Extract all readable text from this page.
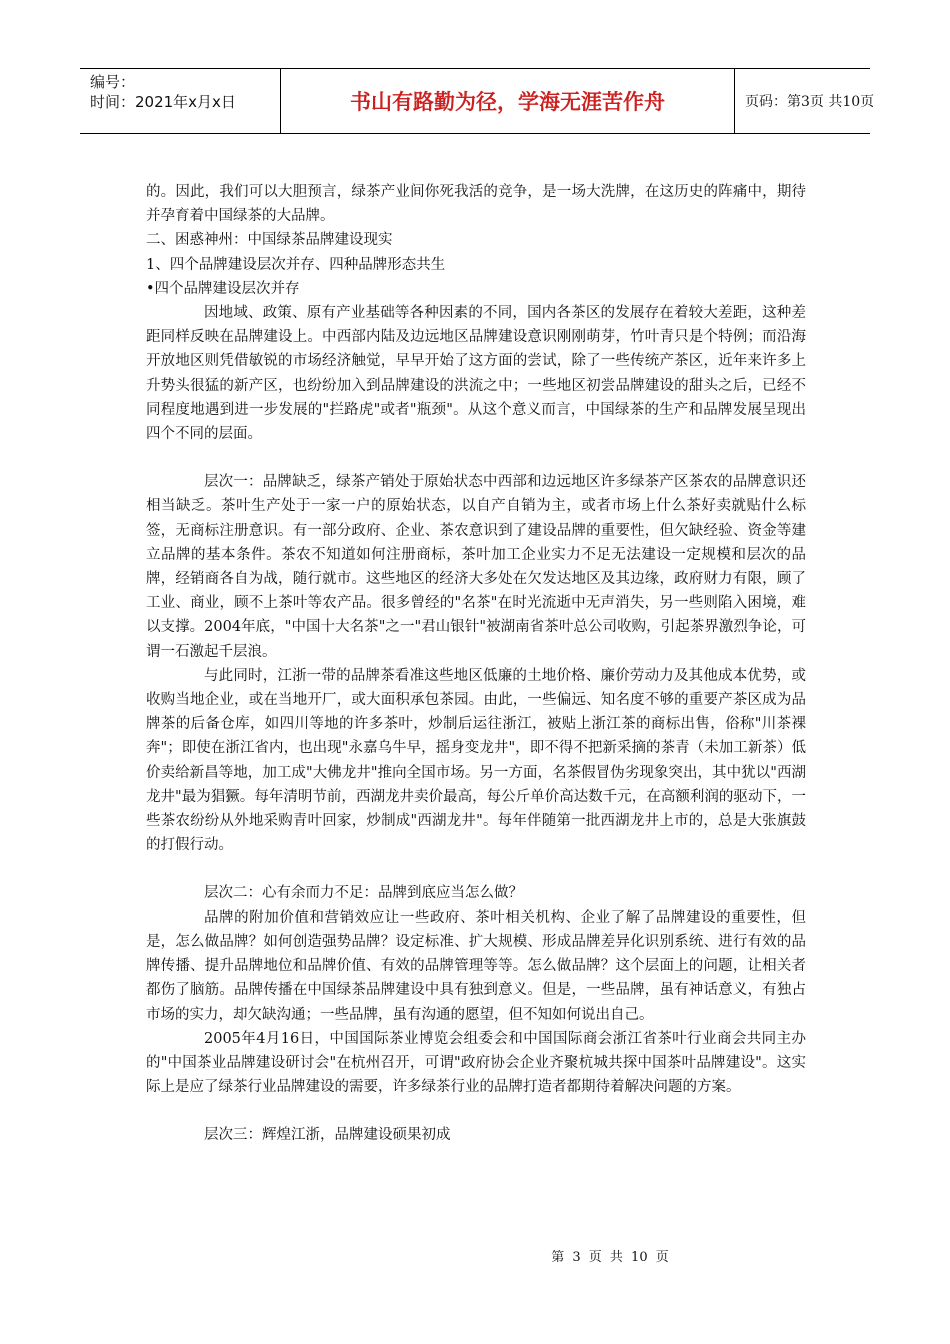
编号：
时间：2021年x月x日	书山有路勤为径，学海无涯苦作舟	页码：第3页 共10页

的。因此，我们可以大胆预言，绿茶产业间你死我活的竞争，是一场大洗牌，在这历史的阵痛中，期待并孕育着中国绿茶的大品牌。

二、困惑神州：中国绿茶品牌建设现实

1、四个品牌建设层次并存、四种品牌形态共生

•四个品牌建设层次并存

因地域、政策、原有产业基础等各种因素的不同，国内各茶区的发展存在着较大差距，这种差距同样反映在品牌建设上。中西部内陆及边远地区品牌建设意识刚刚萌芽，竹叶青只是个特例；而沿海开放地区则凭借敏锐的市场经济触觉，早早开始了这方面的尝试，除了一些传统产茶区，近年来许多上升势头很猛的新产区，也纷纷加入到品牌建设的洪流之中；一些地区初尝品牌建设的甜头之后，已经不同程度地遇到进一步发展的"拦路虎"或者"瓶颈"。从这个意义而言，中国绿茶的生产和品牌发展呈现出四个不同的层面。

层次一：品牌缺乏，绿茶产销处于原始状态中西部和边远地区许多绿茶产区茶农的品牌意识还相当缺乏。茶叶生产处于一家一户的原始状态，以自产自销为主，或者市场上什么茶好卖就贴什么标签，无商标注册意识。有一部分政府、企业、茶农意识到了建设品牌的重要性，但欠缺经验、资金等建立品牌的基本条件。茶农不知道如何注册商标，茶叶加工企业实力不足无法建设一定规模和层次的品牌，经销商各自为战，随行就市。这些地区的经济大多处在欠发达地区及其边缘，政府财力有限，顾了工业、商业，顾不上茶叶等农产品。很多曾经的"名茶"在时光流逝中无声消失，另一些则陷入困境，难以支撑。2004年底，"中国十大名茶"之一"君山银针"被湖南省茶叶总公司收购，引起茶界激烈争论，可谓一石激起千层浪。

与此同时，江浙一带的品牌茶看准这些地区低廉的土地价格、廉价劳动力及其他成本优势，或收购当地企业，或在当地开厂，或大面积承包茶园。由此，一些偏远、知名度不够的重要产茶区成为品牌茶的后备仓库，如四川等地的许多茶叶，炒制后运往浙江，被贴上浙江茶的商标出售，俗称"川茶裸奔"；即使在浙江省内，也出现"永嘉乌牛早，摇身变龙井"，即不得不把新采摘的茶青（未加工新茶）低价卖给新昌等地，加工成"大佛龙井"推向全国市场。另一方面，名茶假冒伪劣现象突出，其中犹以"西湖龙井"最为猖獗。每年清明节前，西湖龙井卖价最高，每公斤单价高达数千元，在高额利润的驱动下，一些茶农纷纷从外地采购青叶回家，炒制成"西湖龙井"。每年伴随第一批西湖龙井上市的，总是大张旗鼓的打假行动。

层次二：心有余而力不足：品牌到底应当怎么做？

品牌的附加价值和营销效应让一些政府、茶叶相关机构、企业了解了品牌建设的重要性，但是，怎么做品牌？如何创造强势品牌？设定标准、扩大规模、形成品牌差异化识别系统、进行有效的品牌传播、提升品牌地位和品牌价值、有效的品牌管理等等。怎么做品牌？这个层面上的问题，让相关者都伤了脑筋。品牌传播在中国绿茶品牌建设中具有独到意义。但是，一些品牌，虽有神话意义，有独占市场的实力，却欠缺沟通；一些品牌，虽有沟通的愿望，但不知如何说出自己。

2005年4月16日，中国国际茶业博览会组委会和中国国际商会浙江省茶叶行业商会共同主办的"中国茶业品牌建设研讨会"在杭州召开，可谓"政府协会企业齐聚杭城共探中国茶叶品牌建设"。这实际上是应了绿茶行业品牌建设的需要，许多绿茶行业的品牌打造者都期待着解决问题的方案。

层次三：辉煌江浙，品牌建设硕果初成

第 3 页 共 10 页
